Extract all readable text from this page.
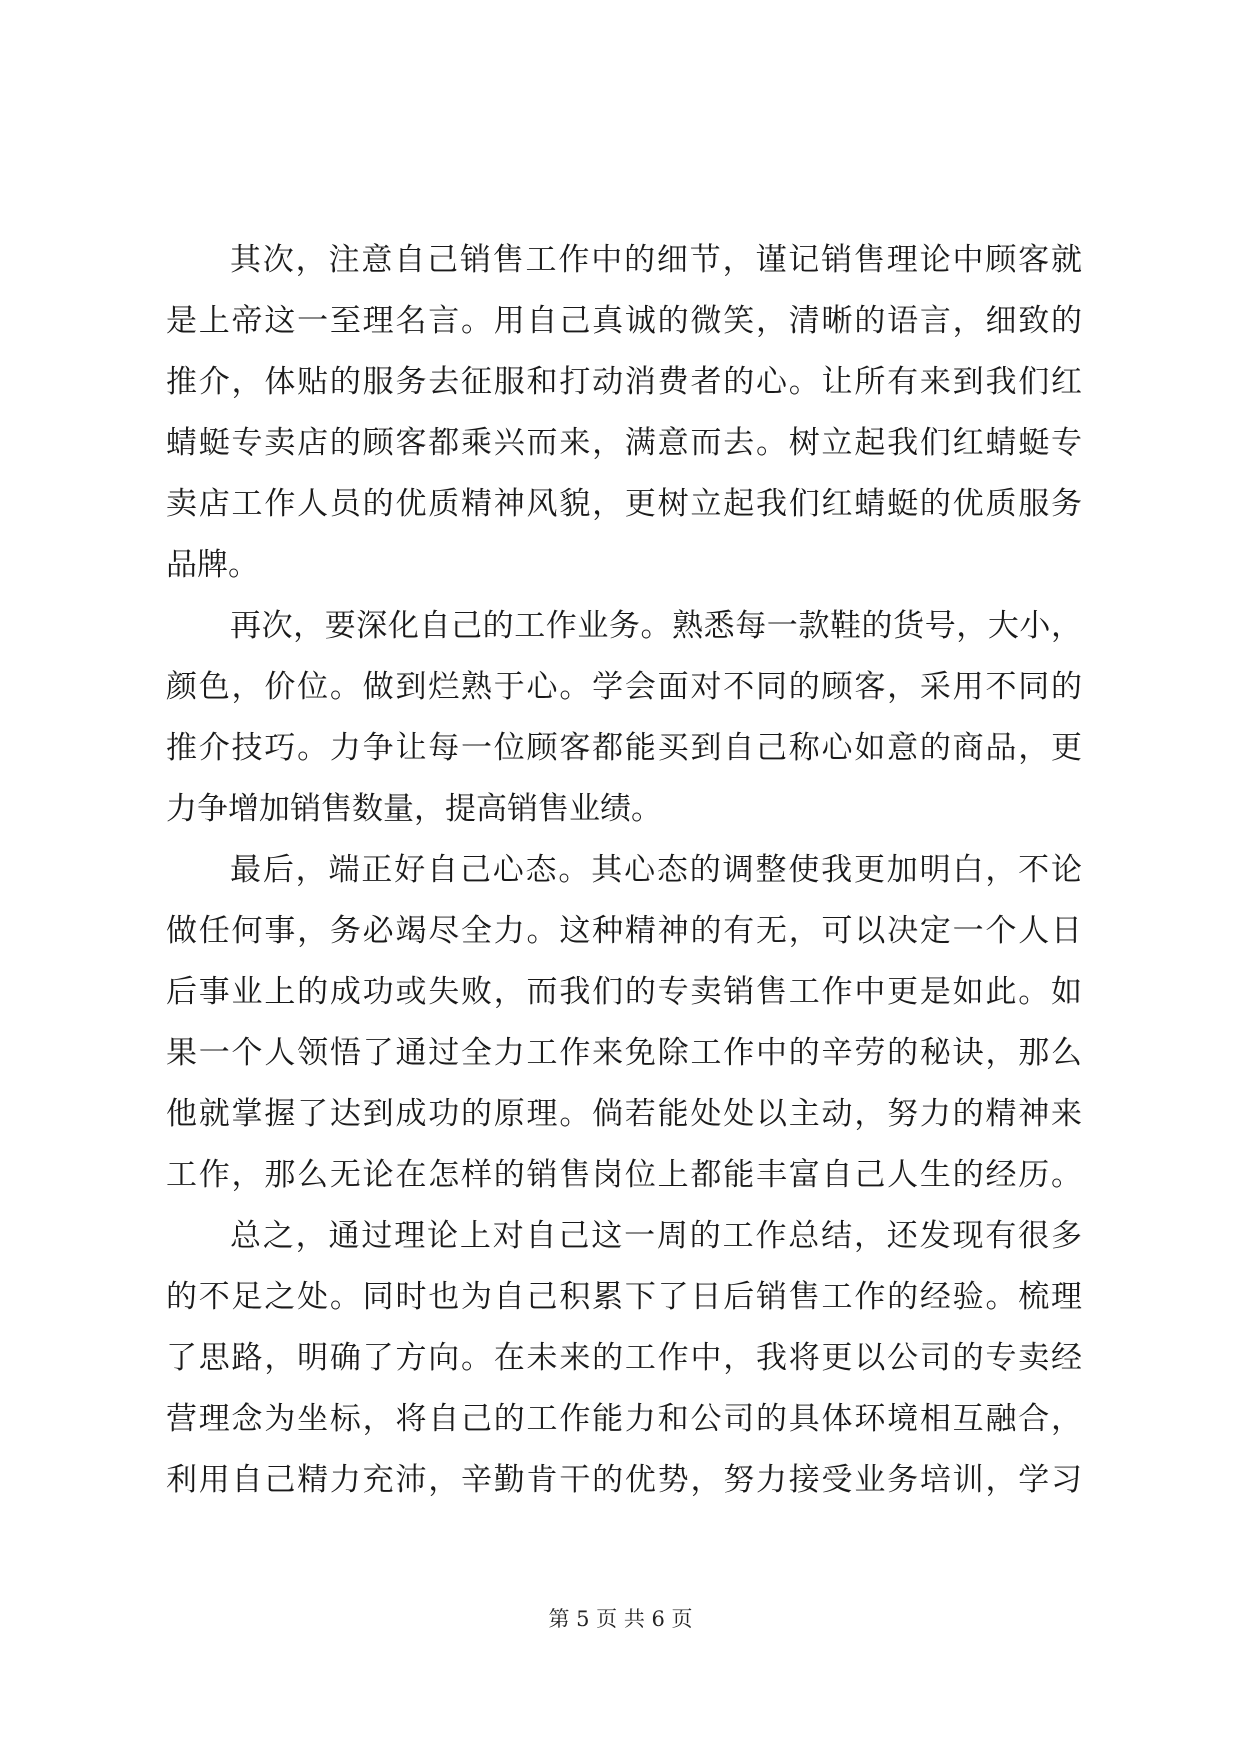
其次，注意自己销售工作中的细节，谨记销售理论中顾客就
是上帝这一至理名言。用自己真诚的微笑，清晰的语言，细致的
推介，体贴的服务去征服和打动消费者的心。让所有来到我们红
蜻蜓专卖店的顾客都乘兴而来，满意而去。树立起我们红蜻蜓专
卖店工作人员的优质精神风貌，更树立起我们红蜻蜓的优质服务
品牌。
再次，要深化自己的工作业务。熟悉每一款鞋的货号，大小，
颜色，价位。做到烂熟于心。学会面对不同的顾客，采用不同的
推介技巧。力争让每一位顾客都能买到自己称心如意的商品，更
力争增加销售数量，提高销售业绩。
最后，端正好自己心态。其心态的调整使我更加明白，不论
做任何事，务必竭尽全力。这种精神的有无，可以决定一个人日
后事业上的成功或失败，而我们的专卖销售工作中更是如此。如
果一个人领悟了通过全力工作来免除工作中的辛劳的秘诀，那么
他就掌握了达到成功的原理。倘若能处处以主动，努力的精神来
工作，那么无论在怎样的销售岗位上都能丰富自己人生的经历。
总之，通过理论上对自己这一周的工作总结，还发现有很多
的不足之处。同时也为自己积累下了日后销售工作的经验。梳理
了思路，明确了方向。在未来的工作中，我将更以公司的专卖经
营理念为坐标，将自己的工作能力和公司的具体环境相互融合，
利用自己精力充沛，辛勤肯干的优势，努力接受业务培训，学习
第 5 页 共 6 页
